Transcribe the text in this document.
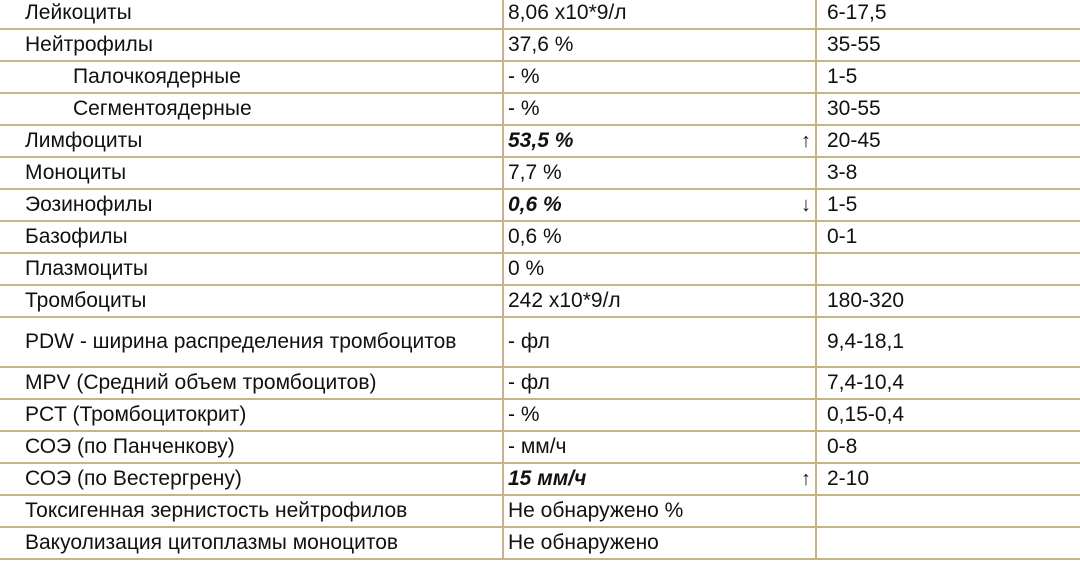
Лейкоциты	8,06 x10*9/л	6-17,5
Нейтрофилы	37,6 %	35-55
Палочкоядерные	- %	1-5
Сегментоядерные	- %	30-55
Лимфоциты	53,5 % ↑	20-45
Моноциты	7,7 %	3-8
Эозинофилы	0,6 % ↓	1-5
Базофилы	0,6 %	0-1
Плазмоциты	0 %	
Тромбоциты	242 x10*9/л	180-320
PDW - ширина распределения тромбоцитов	- фл	9,4-18,1
MPV (Средний объем тромбоцитов)	- фл	7,4-10,4
PCT (Тромбоцитокрит)	- %	0,15-0,4
СОЭ (по Панченкову)	- мм/ч	0-8
СОЭ (по Вестергрену)	15 мм/ч ↑	2-10
Токсигенная зернистость нейтрофилов	Не обнаружено %	
Вакуолизация цитоплазмы моноцитов	Не обнаружено	
